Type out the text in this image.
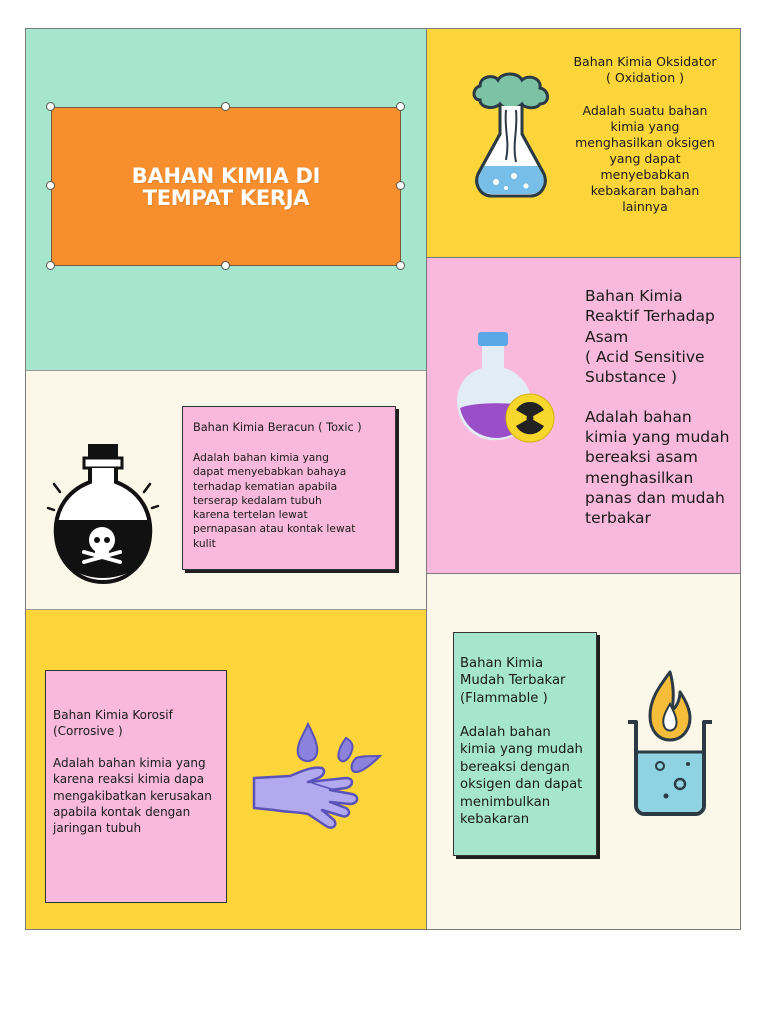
BAHAN KIMIA DI
TEMPAT KERJA
Bahan Kimia Oksidator
( Oxidation )
Adalah suatu bahan
kimia yang
menghasilkan oksigen
yang dapat
menyebabkan
kebakaran bahan
lainnya
Bahan Kimia
Reaktif Terhadap
Asam
( Acid Sensitive
Substance )
Adalah bahan
kimia yang mudah
bereaksi asam
menghasilkan
panas dan mudah
terbakar
Bahan Kimia Beracun ( Toxic )
Adalah bahan kimia yang
dapat menyebabkan bahaya
terhadap kematian apabila
terserap kedalam tubuh
karena tertelan lewat
pernapasan atau kontak lewat
kulit
Bahan Kimia Korosif
(Corrosive )
Adalah bahan kimia yang
karena reaksi kimia dapa
mengakibatkan kerusakan
apabila kontak dengan
jaringan tubuh
Bahan Kimia
Mudah Terbakar
(Flammable )
Adalah bahan
kimia yang mudah
bereaksi dengan
oksigen dan dapat
menimbulkan
kebakaran
